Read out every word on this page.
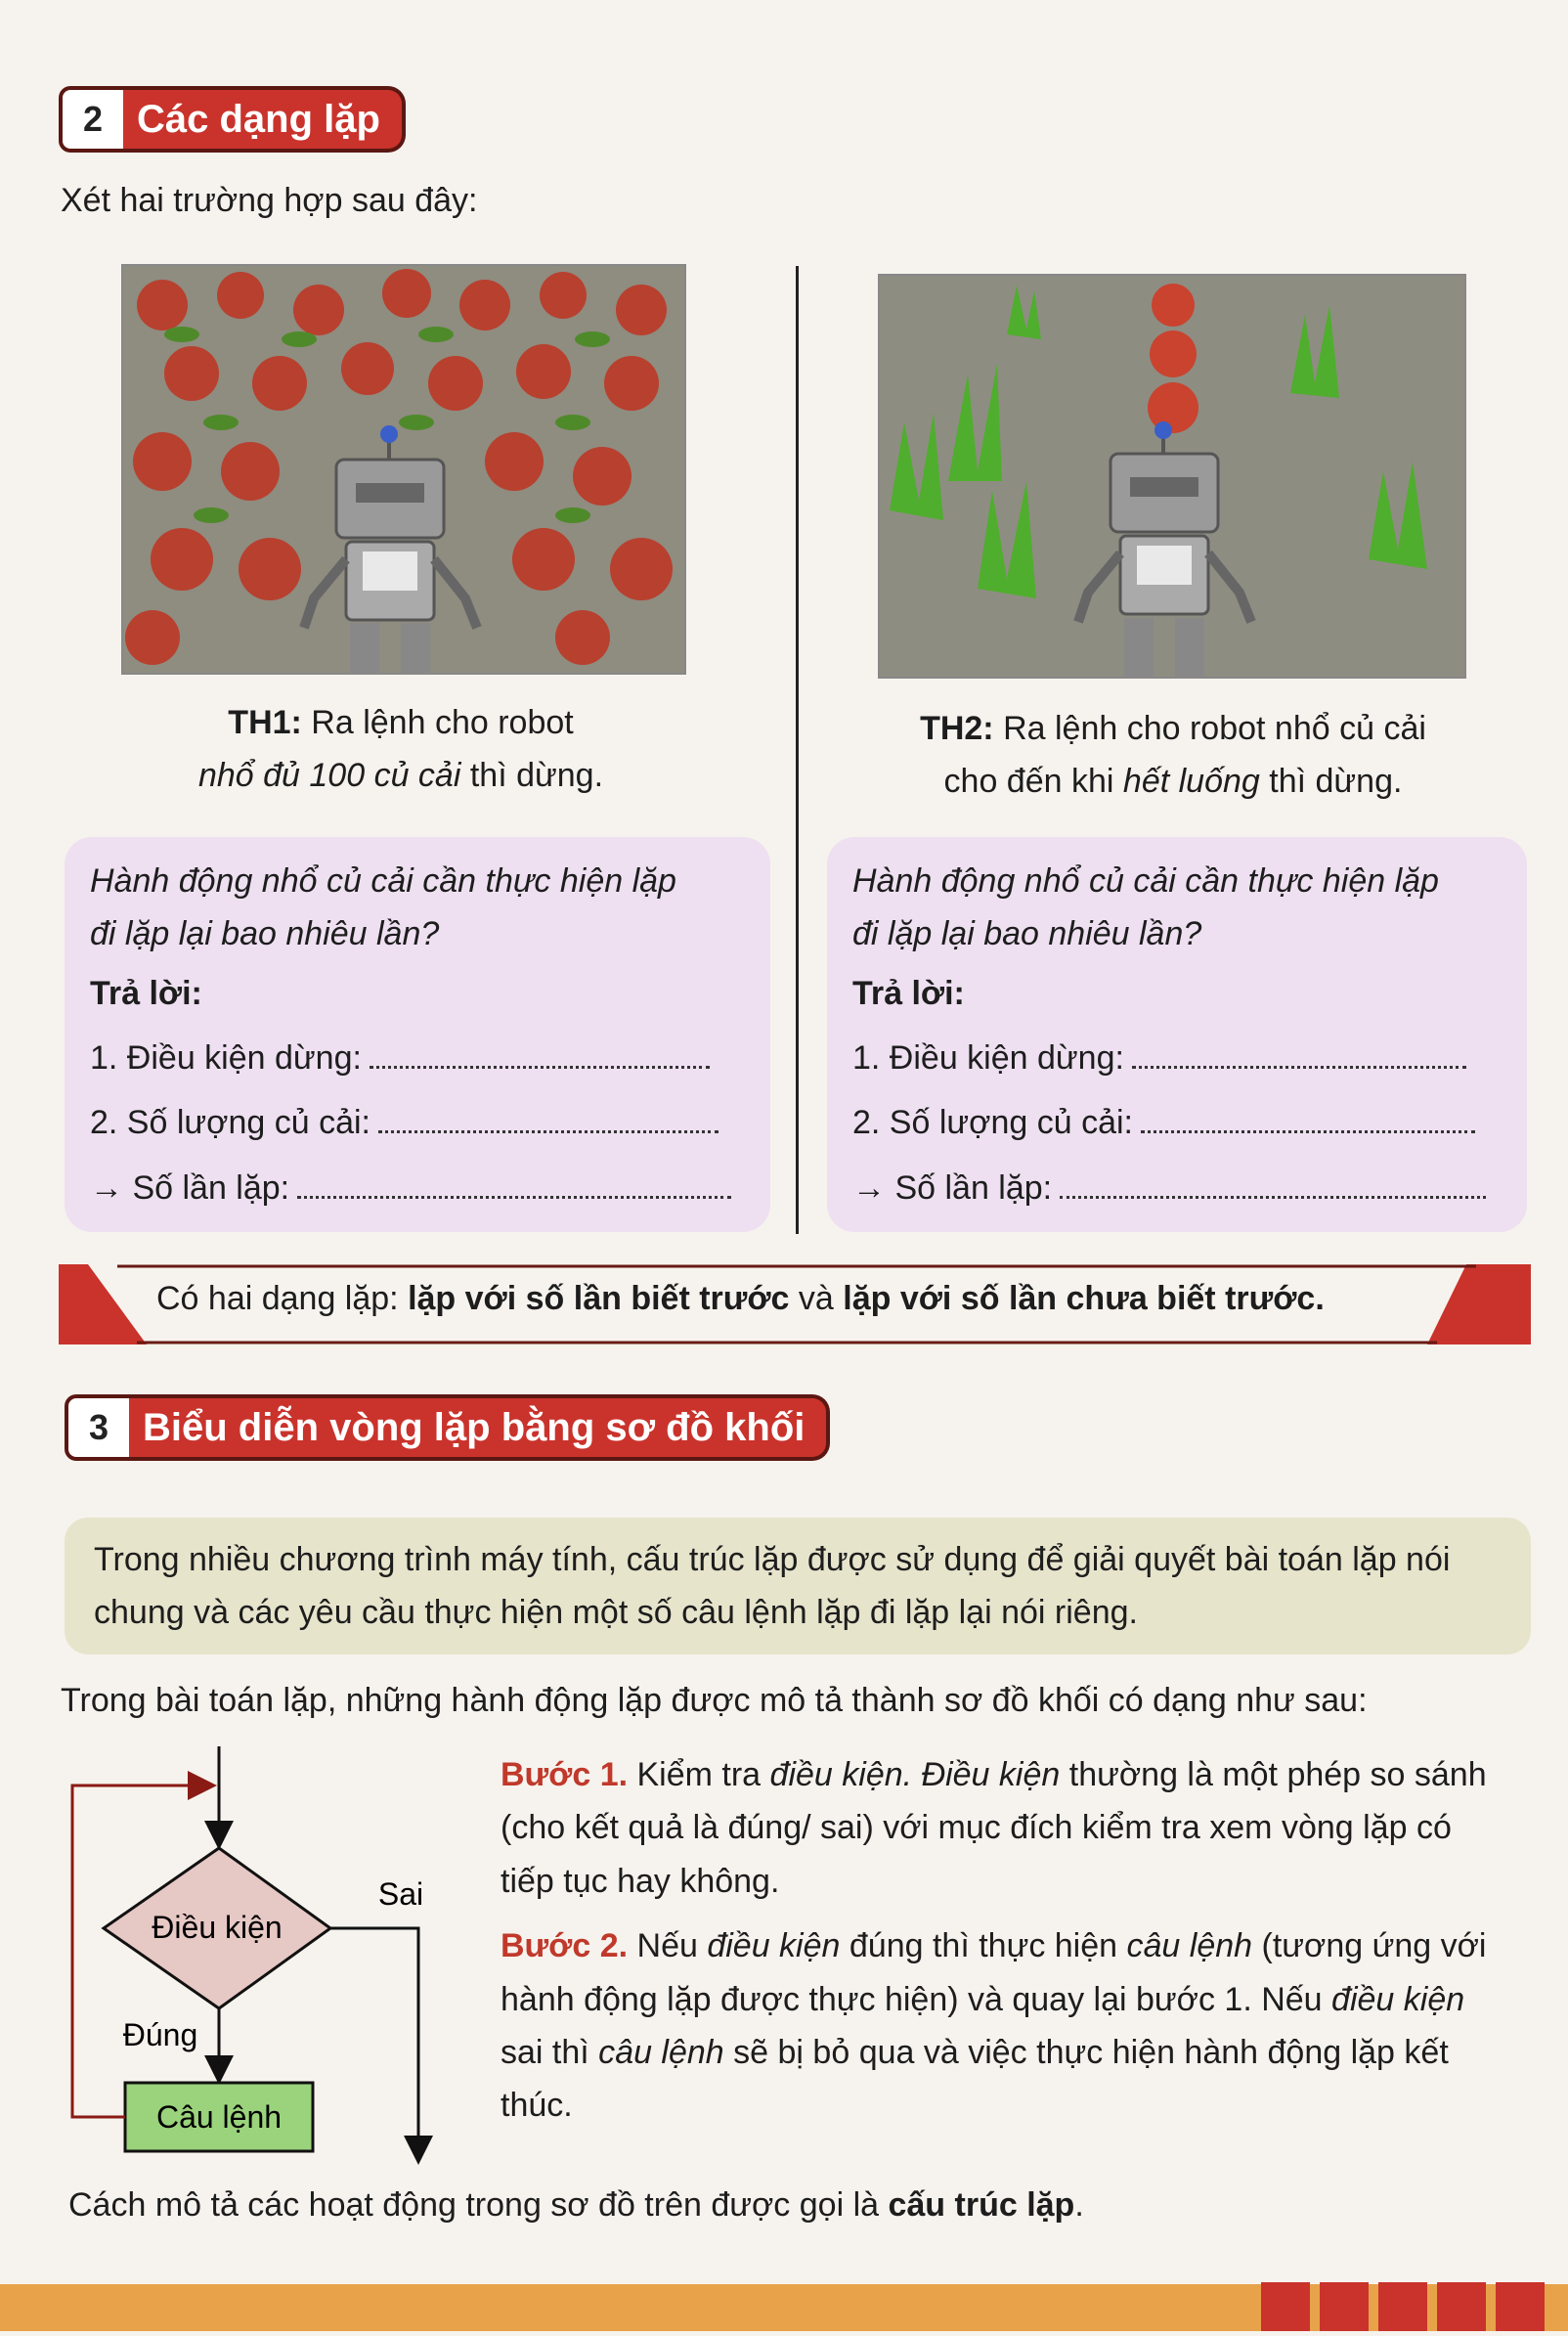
2 Các dạng lặp
Xét hai trường hợp sau đây:
TH1: Ra lệnh cho robot
nhổ đủ 100 củ cải thì dừng.
TH2: Ra lệnh cho robot nhổ củ cải
cho đến khi hết luống thì dừng.
Hành động nhổ củ cải cần thực hiện lặp
đi lặp lại bao nhiêu lần?
Trả lời:
1. Điều kiện dừng:
2. Số lượng củ cải:
→ Số lần lặp:
Hành động nhổ củ cải cần thực hiện lặp
đi lặp lại bao nhiêu lần?
Trả lời:
1. Điều kiện dừng:
2. Số lượng củ cải:
→ Số lần lặp:
Có hai dạng lặp: lặp với số lần biết trước và lặp với số lần chưa biết trước.
3 Biểu diễn vòng lặp bằng sơ đồ khối
Trong nhiều chương trình máy tính, cấu trúc lặp được sử dụng để giải quyết bài toán lặp nói chung và các yêu cầu thực hiện một số câu lệnh lặp đi lặp lại nói riêng.
Trong bài toán lặp, những hành động lặp được mô tả thành sơ đồ khối có dạng như sau:
Điều kiện
Đúng
Câu lệnh
Sai
Bước 1. Kiểm tra điều kiện. Điều kiện thường là một phép so sánh (cho kết quả là đúng/ sai) với mục đích kiểm tra xem vòng lặp có tiếp tục hay không.
Bước 2. Nếu điều kiện đúng thì thực hiện câu lệnh (tương ứng với hành động lặp được thực hiện) và quay lại bước 1. Nếu điều kiện sai thì câu lệnh sẽ bị bỏ qua và việc thực hiện hành động lặp kết thúc.
Cách mô tả các hoạt động trong sơ đồ trên được gọi là cấu trúc lặp.
